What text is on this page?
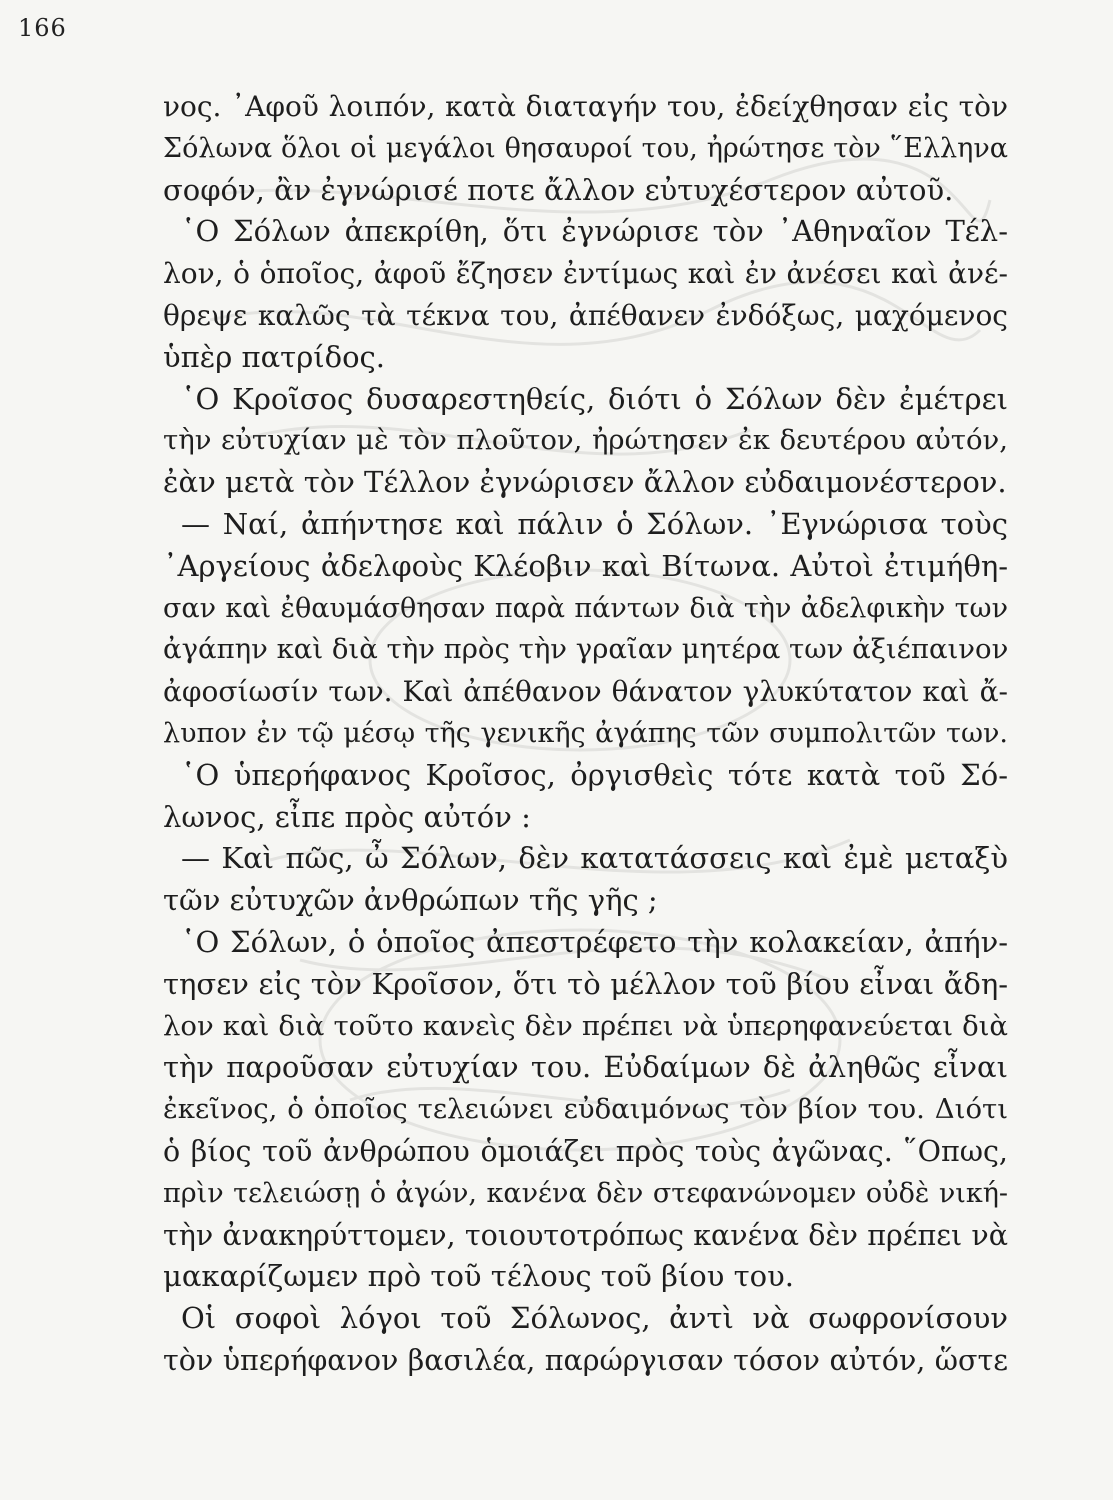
166
νος. ᾽Αφοῦ λοιπόν, κατὰ διαταγήν του, ἐδείχθησαν εἰς τὸν
Σόλωνα ὅλοι οἱ μεγάλοι θησαυροί του, ἠρώτησε τὸν ῞Ελληνα
σοφόν, ἂν ἐγνώρισέ ποτε ἄλλον εὐτυχέστερον αὐτοῦ.
῾Ο Σόλων ἀπεκρίθη, ὅτι ἐγνώρισε τὸν ᾽Αθηναῖον Τέλ-
λον, ὁ ὁποῖος, ἀφοῦ ἔζησεν ἐντίμως καὶ ἐν ἀνέσει καὶ ἀνέ-
θρεψε καλῶς τὰ τέκνα του, ἀπέθανεν ἐνδόξως, μαχόμενος
ὑπὲρ πατρίδος.
῾Ο Κροῖσος δυσαρεστηθείς, διότι ὁ Σόλων δὲν ἐμέτρει
τὴν εὐτυχίαν μὲ τὸν πλοῦτον, ἠρώτησεν ἐκ δευτέρου αὐτόν,
ἐὰν μετὰ τὸν Τέλλον ἐγνώρισεν ἄλλον εὐδαιμονέστερον.
— Ναί, ἀπήντησε καὶ πάλιν ὁ Σόλων. ᾽Εγνώρισα τοὺς
᾽Αργείους ἀδελφοὺς Κλέοβιν καὶ Βίτωνα. Αὐτοὶ ἐτιμήθη-
σαν καὶ ἐθαυμάσθησαν παρὰ πάντων διὰ τὴν ἀδελφικὴν των
ἀγάπην καὶ διὰ τὴν πρὸς τὴν γραῖαν μητέρα των ἀξιέπαινον
ἀφοσίωσίν των. Καὶ ἀπέθανον θάνατον γλυκύτατον καὶ ἄ-
λυπον ἐν τῷ μέσῳ τῆς γενικῆς ἀγάπης τῶν συμπολιτῶν των.
῾Ο ὑπερήφανος Κροῖσος, ὀργισθεὶς τότε κατὰ τοῦ Σό-
λωνος, εἶπε πρὸς αὐτόν :
— Καὶ πῶς, ὦ Σόλων, δὲν κατατάσσεις καὶ ἐμὲ μεταξὺ
τῶν εὐτυχῶν ἀνθρώπων τῆς γῆς ;
῾Ο Σόλων, ὁ ὁποῖος ἀπεστρέφετο τὴν κολακείαν, ἀπήν-
τησεν εἰς τὸν Κροῖσον, ὅτι τὸ μέλλον τοῦ βίου εἶναι ἄδη-
λον καὶ διὰ τοῦτο κανεὶς δὲν πρέπει νὰ ὑπερηφανεύεται διὰ
τὴν παροῦσαν εὐτυχίαν του. Εὐδαίμων δὲ ἀληθῶς εἶναι
ἐκεῖνος, ὁ ὁποῖος τελειώνει εὐδαιμόνως τὸν βίον του. Διότι
ὁ βίος τοῦ ἀνθρώπου ὁμοιάζει πρὸς τοὺς ἀγῶνας. ῞Οπως,
πρὶν τελειώσῃ ὁ ἀγών, κανένα δὲν στεφανώνομεν οὐδὲ νική-
τὴν ἀνακηρύττομεν, τοιουτοτρόπως κανένα δὲν πρέπει νὰ
μακαρίζωμεν πρὸ τοῦ τέλους τοῦ βίου του.
Οἱ σοφοὶ λόγοι τοῦ Σόλωνος, ἀντὶ νὰ σωφρονίσουν
τὸν ὑπερήφανον βασιλέα, παρώργισαν τόσον αὐτόν, ὥστε
